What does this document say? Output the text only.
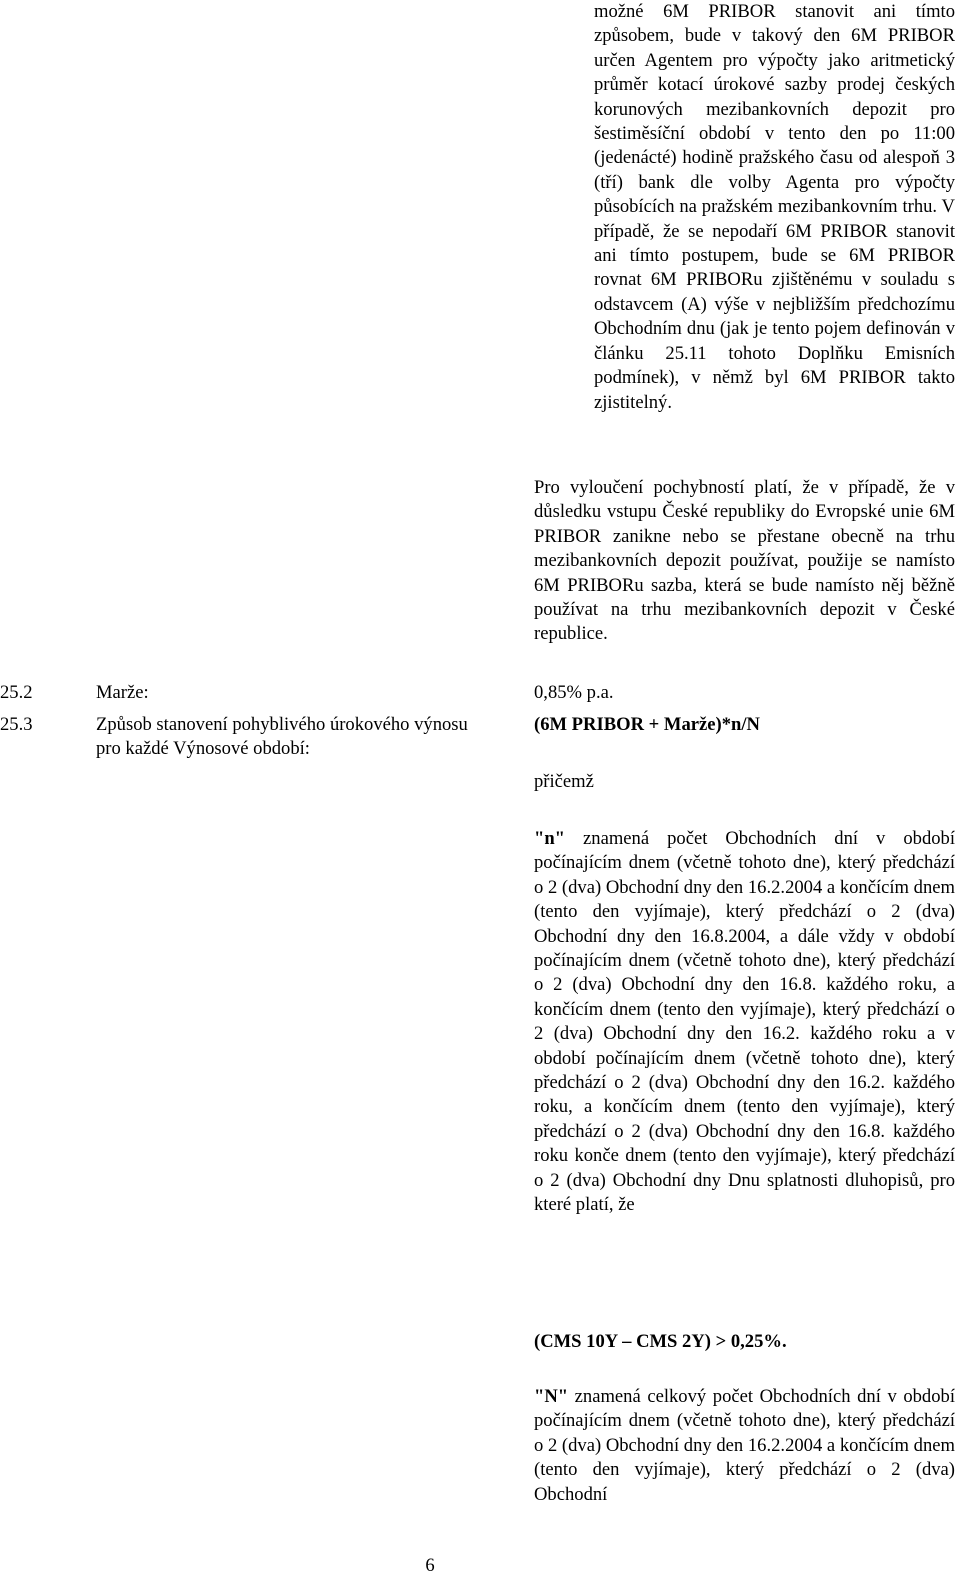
možné 6M PRIBOR stanovit ani tímto způsobem, bude v takový den 6M PRIBOR určen Agentem pro výpočty jako aritmetický průměr kotací úrokové sazby prodej českých korunových mezibankovních depozit pro šestiměsíční období v tento den po 11:00 (jedenácté) hodině pražského času od alespoň 3 (tří) bank dle volby Agenta pro výpočty působících na pražském mezibankovním trhu. V případě, že se nepodaří 6M PRIBOR stanovit ani tímto postupem, bude se 6M PRIBOR rovnat 6M PRIBORu zjištěnému v souladu s odstavcem (A) výše v nejbližším předchozímu Obchodním dnu (jak je tento pojem definován v článku 25.11 tohoto Doplňku Emisních podmínek), v němž byl 6M PRIBOR takto zjistitelný.

Pro vyloučení pochybností platí, že v případě, že v důsledku vstupu České republiky do Evropské unie 6M PRIBOR zanikne nebo se přestane obecně na trhu mezibankovních depozit používat, použije se namísto 6M PRIBORu sazba, která se bude namísto něj běžně používat na trhu mezibankovních depozit v České republice.

25.2	Marže:	0,85% p.a.

25.3	Způsob stanovení pohyblivého úrokového výnosu pro každé Výnosové období:

(6M PRIBOR + Marže)*n/N

přičemž

"n" znamená počet Obchodních dní v období počínajícím dnem (včetně tohoto dne), který předchází o 2 (dva) Obchodní dny den 16.2.2004 a končícím dnem (tento den vyjímaje), který předchází o 2 (dva) Obchodní dny den 16.8.2004, a dále vždy v období počínajícím dnem (včetně tohoto dne), který předchází o 2 (dva) Obchodní dny den 16.8. každého roku, a končícím dnem (tento den vyjímaje), který předchází o 2 (dva) Obchodní dny den 16.2. každého roku a v období počínajícím dnem (včetně tohoto dne), který předchází o 2 (dva) Obchodní dny den 16.2. každého roku, a končícím dnem (tento den vyjímaje), který předchází o 2 (dva) Obchodní dny den 16.8. každého roku konče dnem (tento den vyjímaje), který předchází o 2 (dva) Obchodní dny Dnu splatnosti dluhopisů, pro které platí, že

(CMS 10Y – CMS 2Y) > 0,25%.

"N" znamená celkový počet Obchodních dní v období počínajícím dnem (včetně tohoto dne), který předchází o 2 (dva) Obchodní dny den 16.2.2004 a končícím dnem (tento den vyjímaje), který předchází o 2 (dva) Obchodní

6
